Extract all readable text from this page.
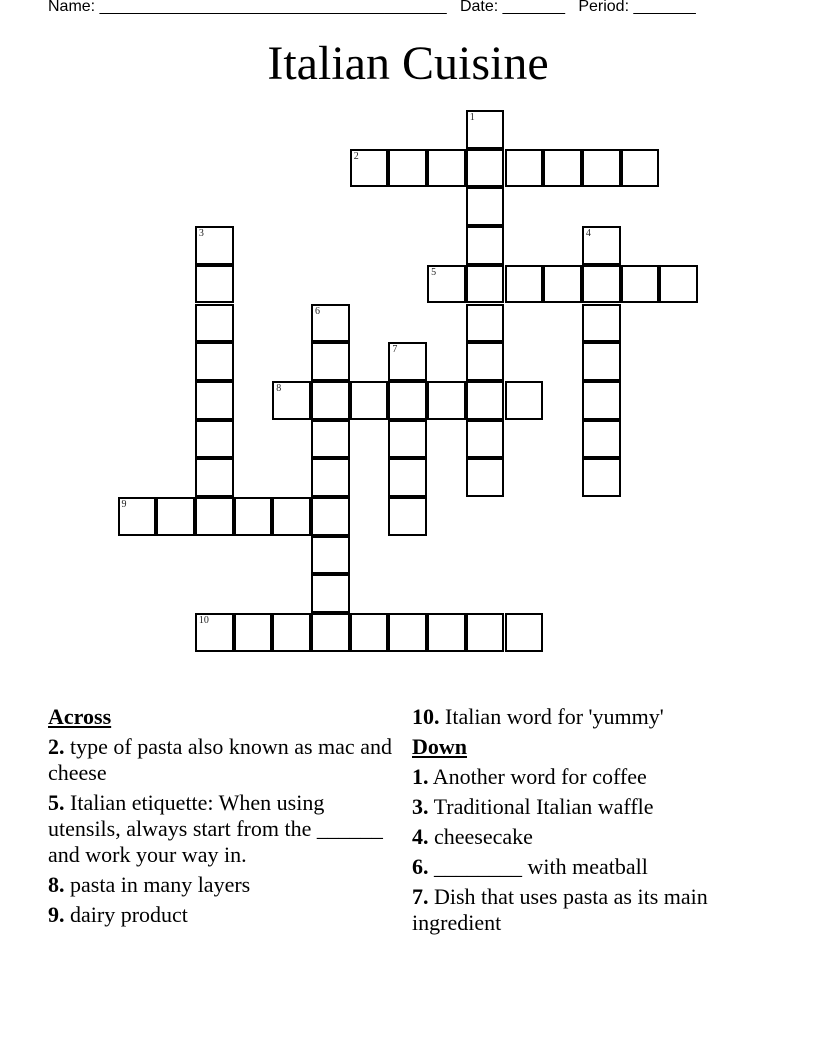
Name: _______________________________________ Date: _______ Period: _______
Italian Cuisine
1
2
3	4
5
6
7
8
9
10
Across
2. type of pasta also known as mac and cheese
5. Italian etiquette: When using utensils, always start from the ______ and work your way in.
8. pasta in many layers
9. dairy product
10. Italian word for 'yummy'
Down
1. Another word for coffee
3. Traditional Italian waffle
4. cheesecake
6. ________ with meatball
7. Dish that uses pasta as its main ingredient
